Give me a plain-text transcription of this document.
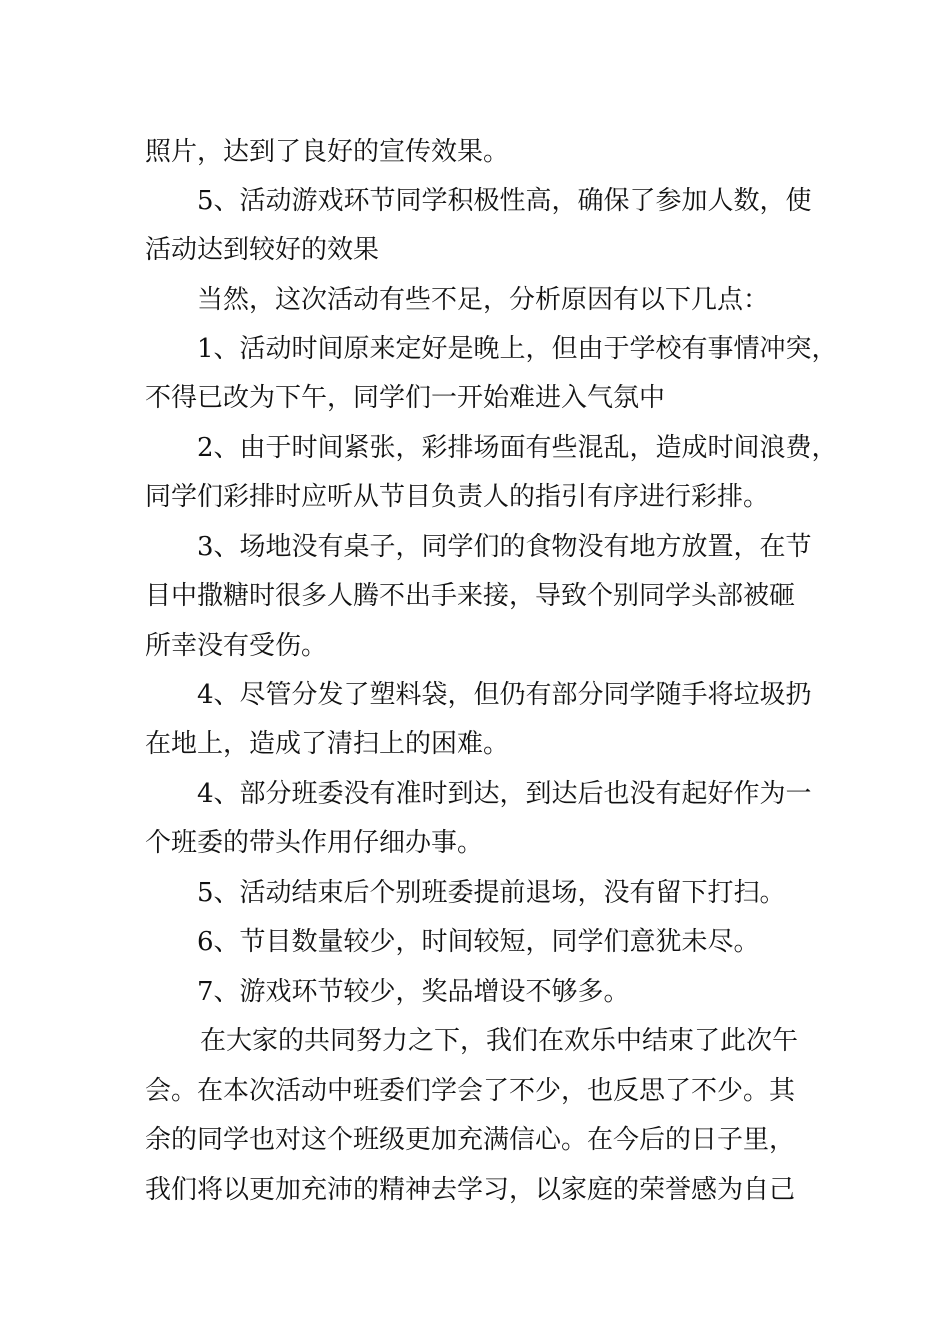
照片，达到了良好的宣传效果。

5、活动游戏环节同学积极性高，确保了参加人数，使

活动达到较好的效果

当然，这次活动有些不足，分析原因有以下几点：

1、活动时间原来定好是晚上，但由于学校有事情冲突，

不得已改为下午，同学们一开始难进入气氛中

2、由于时间紧张，彩排场面有些混乱，造成时间浪费，

同学们彩排时应听从节目负责人的指引有序进行彩排。

3、场地没有桌子，同学们的食物没有地方放置，在节

目中撒糖时很多人腾不出手来接，导致个别同学头部被砸

所幸没有受伤。

4、尽管分发了塑料袋，但仍有部分同学随手将垃圾扔

在地上，造成了清扫上的困难。

4、部分班委没有准时到达，到达后也没有起好作为一

个班委的带头作用仔细办事。

5、活动结束后个别班委提前退场，没有留下打扫。

6、节目数量较少，时间较短，同学们意犹未尽。

7、游戏环节较少，奖品增设不够多。

在大家的共同努力之下，我们在欢乐中结束了此次午

会。在本次活动中班委们学会了不少，也反思了不少。其

余的同学也对这个班级更加充满信心。在今后的日子里，

我们将以更加充沛的精神去学习，以家庭的荣誉感为自己
